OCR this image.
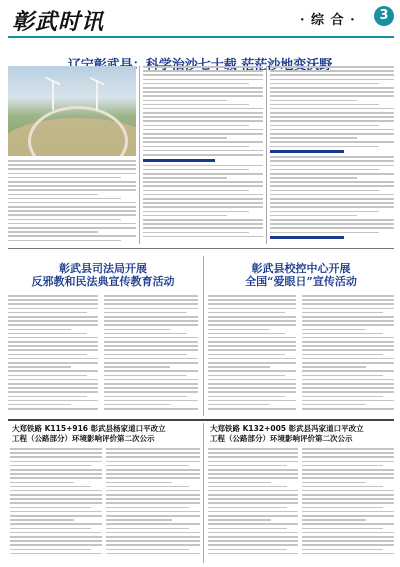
彰武时讯	· 综 合 ·	3
彰武县司法局开展
反邪教和民法典宣传教育活动
彰武县校控中心开展
全国“爱眼日”宣传活动
大郑铁路 K115+916 彰武县杨家道口平改立
工程（公路部分）环境影响评价第二次公示
大郑铁路 K132+005 彰武县冯家道口平改立
工程（公路部分）环境影响评价第二次公示
